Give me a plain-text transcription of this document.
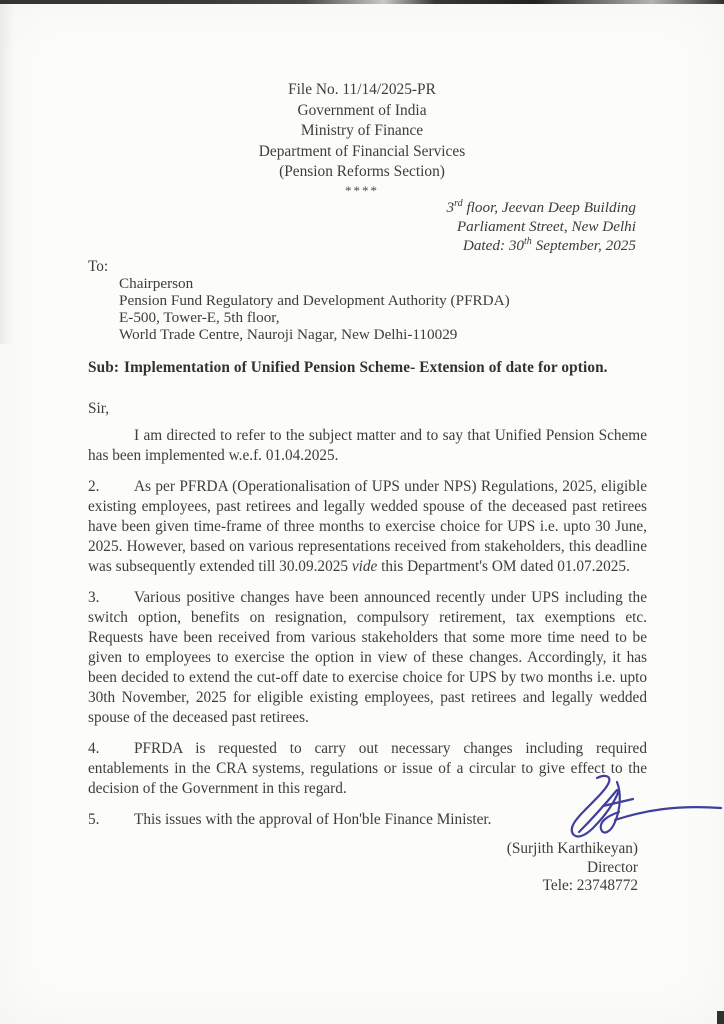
File No. 11/14/2025-PR
Government of India
Ministry of Finance
Department of Financial Services
(Pension Reforms Section)
****
3rd floor, Jeevan Deep Building
Parliament Street, New Delhi
Dated: 30th September, 2025
To:
Chairperson
Pension Fund Regulatory and Development Authority (PFRDA)
E-500, Tower-E, 5th floor,
World Trade Centre, Nauroji Nagar, New Delhi-110029
Sub: Implementation of Unified Pension Scheme- Extension of date for option.
Sir,
I am directed to refer to the subject matter and to say that Unified Pension Scheme has been implemented w.e.f. 01.04.2025.
2. As per PFRDA (Operationalisation of UPS under NPS) Regulations, 2025, eligible existing employees, past retirees and legally wedded spouse of the deceased past retirees have been given time-frame of three months to exercise choice for UPS i.e. upto 30 June, 2025. However, based on various representations received from stakeholders, this deadline was subsequently extended till 30.09.2025 vide this Department's OM dated 01.07.2025.
3. Various positive changes have been announced recently under UPS including the switch option, benefits on resignation, compulsory retirement, tax exemptions etc. Requests have been received from various stakeholders that some more time need to be given to employees to exercise the option in view of these changes. Accordingly, it has been decided to extend the cut-off date to exercise choice for UPS by two months i.e. upto 30th November, 2025 for eligible existing employees, past retirees and legally wedded spouse of the deceased past retirees.
4. PFRDA is requested to carry out necessary changes including required entablements in the CRA systems, regulations or issue of a circular to give effect to the decision of the Government in this regard.
5. This issues with the approval of Hon'ble Finance Minister.
(Surjith Karthikeyan)
Director
Tele: 23748772
